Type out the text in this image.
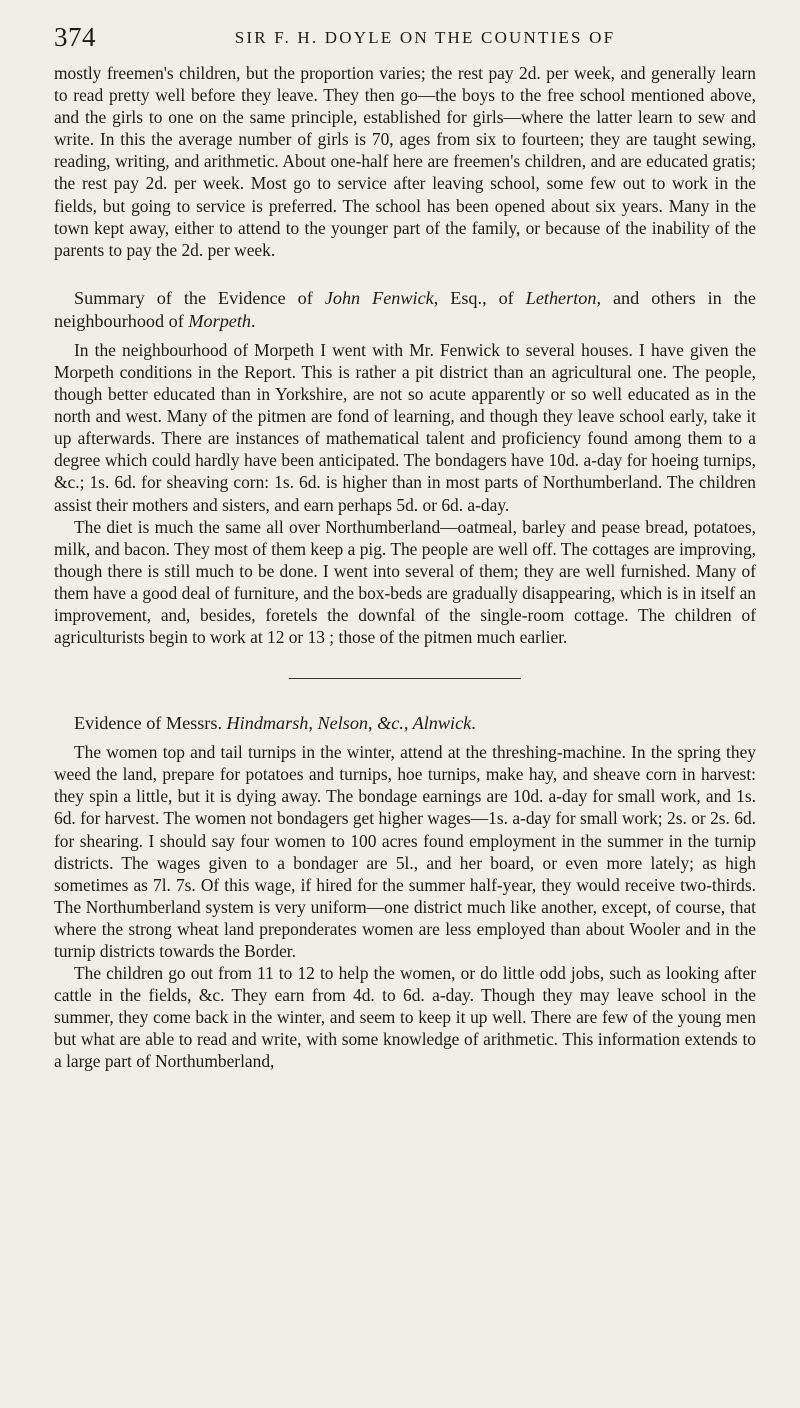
374	SIR F. H. DOYLE ON THE COUNTIES OF

mostly freemen's children, but the proportion varies; the rest pay 2d. per week, and generally learn to read pretty well before they leave. They then go—the boys to the free school mentioned above, and the girls to one on the same principle, established for girls—where the latter learn to sew and write. In this the average number of girls is 70, ages from six to fourteen; they are taught sewing, reading, writing, and arithmetic. About one-half here are freemen's children, and are educated gratis; the rest pay 2d. per week. Most go to service after leaving school, some few out to work in the fields, but going to service is preferred. The school has been opened about six years. Many in the town kept away, either to attend to the younger part of the family, or because of the inability of the parents to pay the 2d. per week.

Summary of the Evidence of John Fenwick, Esq., of Letherton, and others in the neighbourhood of Morpeth.

In the neighbourhood of Morpeth I went with Mr. Fenwick to several houses. I have given the Morpeth conditions in the Report. This is rather a pit district than an agricultural one. The people, though better educated than in Yorkshire, are not so acute apparently or so well educated as in the north and west. Many of the pitmen are fond of learning, and though they leave school early, take it up afterwards. There are instances of mathematical talent and proficiency found among them to a degree which could hardly have been anticipated. The bondagers have 10d. a-day for hoeing turnips, &c.; 1s. 6d. for sheaving corn: 1s. 6d. is higher than in most parts of Northumberland. The children assist their mothers and sisters, and earn perhaps 5d. or 6d. a-day.

The diet is much the same all over Northumberland—oatmeal, barley and pease bread, potatoes, milk, and bacon. They most of them keep a pig. The people are well off. The cottages are improving, though there is still much to be done. I went into several of them; they are well furnished. Many of them have a good deal of furniture, and the box-beds are gradually disappearing, which is in itself an improvement, and, besides, foretels the downfal of the single-room cottage. The children of agriculturists begin to work at 12 or 13 ; those of the pitmen much earlier.

Evidence of Messrs. Hindmarsh, Nelson, &c., Alnwick.

The women top and tail turnips in the winter, attend at the threshing-machine. In the spring they weed the land, prepare for potatoes and turnips, hoe turnips, make hay, and sheave corn in harvest: they spin a little, but it is dying away. The bondage earnings are 10d. a-day for small work, and 1s. 6d. for harvest. The women not bondagers get higher wages—1s. a-day for small work; 2s. or 2s. 6d. for shearing. I should say four women to 100 acres found employment in the summer in the turnip districts. The wages given to a bondager are 5l., and her board, or even more lately; as high sometimes as 7l. 7s. Of this wage, if hired for the summer half-year, they would receive two-thirds. The Northumberland system is very uniform—one district much like another, except, of course, that where the strong wheat land preponderates women are less employed than about Wooler and in the turnip districts towards the Border.

The children go out from 11 to 12 to help the women, or do little odd jobs, such as looking after cattle in the fields, &c. They earn from 4d. to 6d. a-day. Though they may leave school in the summer, they come back in the winter, and seem to keep it up well. There are few of the young men but what are able to read and write, with some knowledge of arithmetic. This information extends to a large part of Northumberland,
